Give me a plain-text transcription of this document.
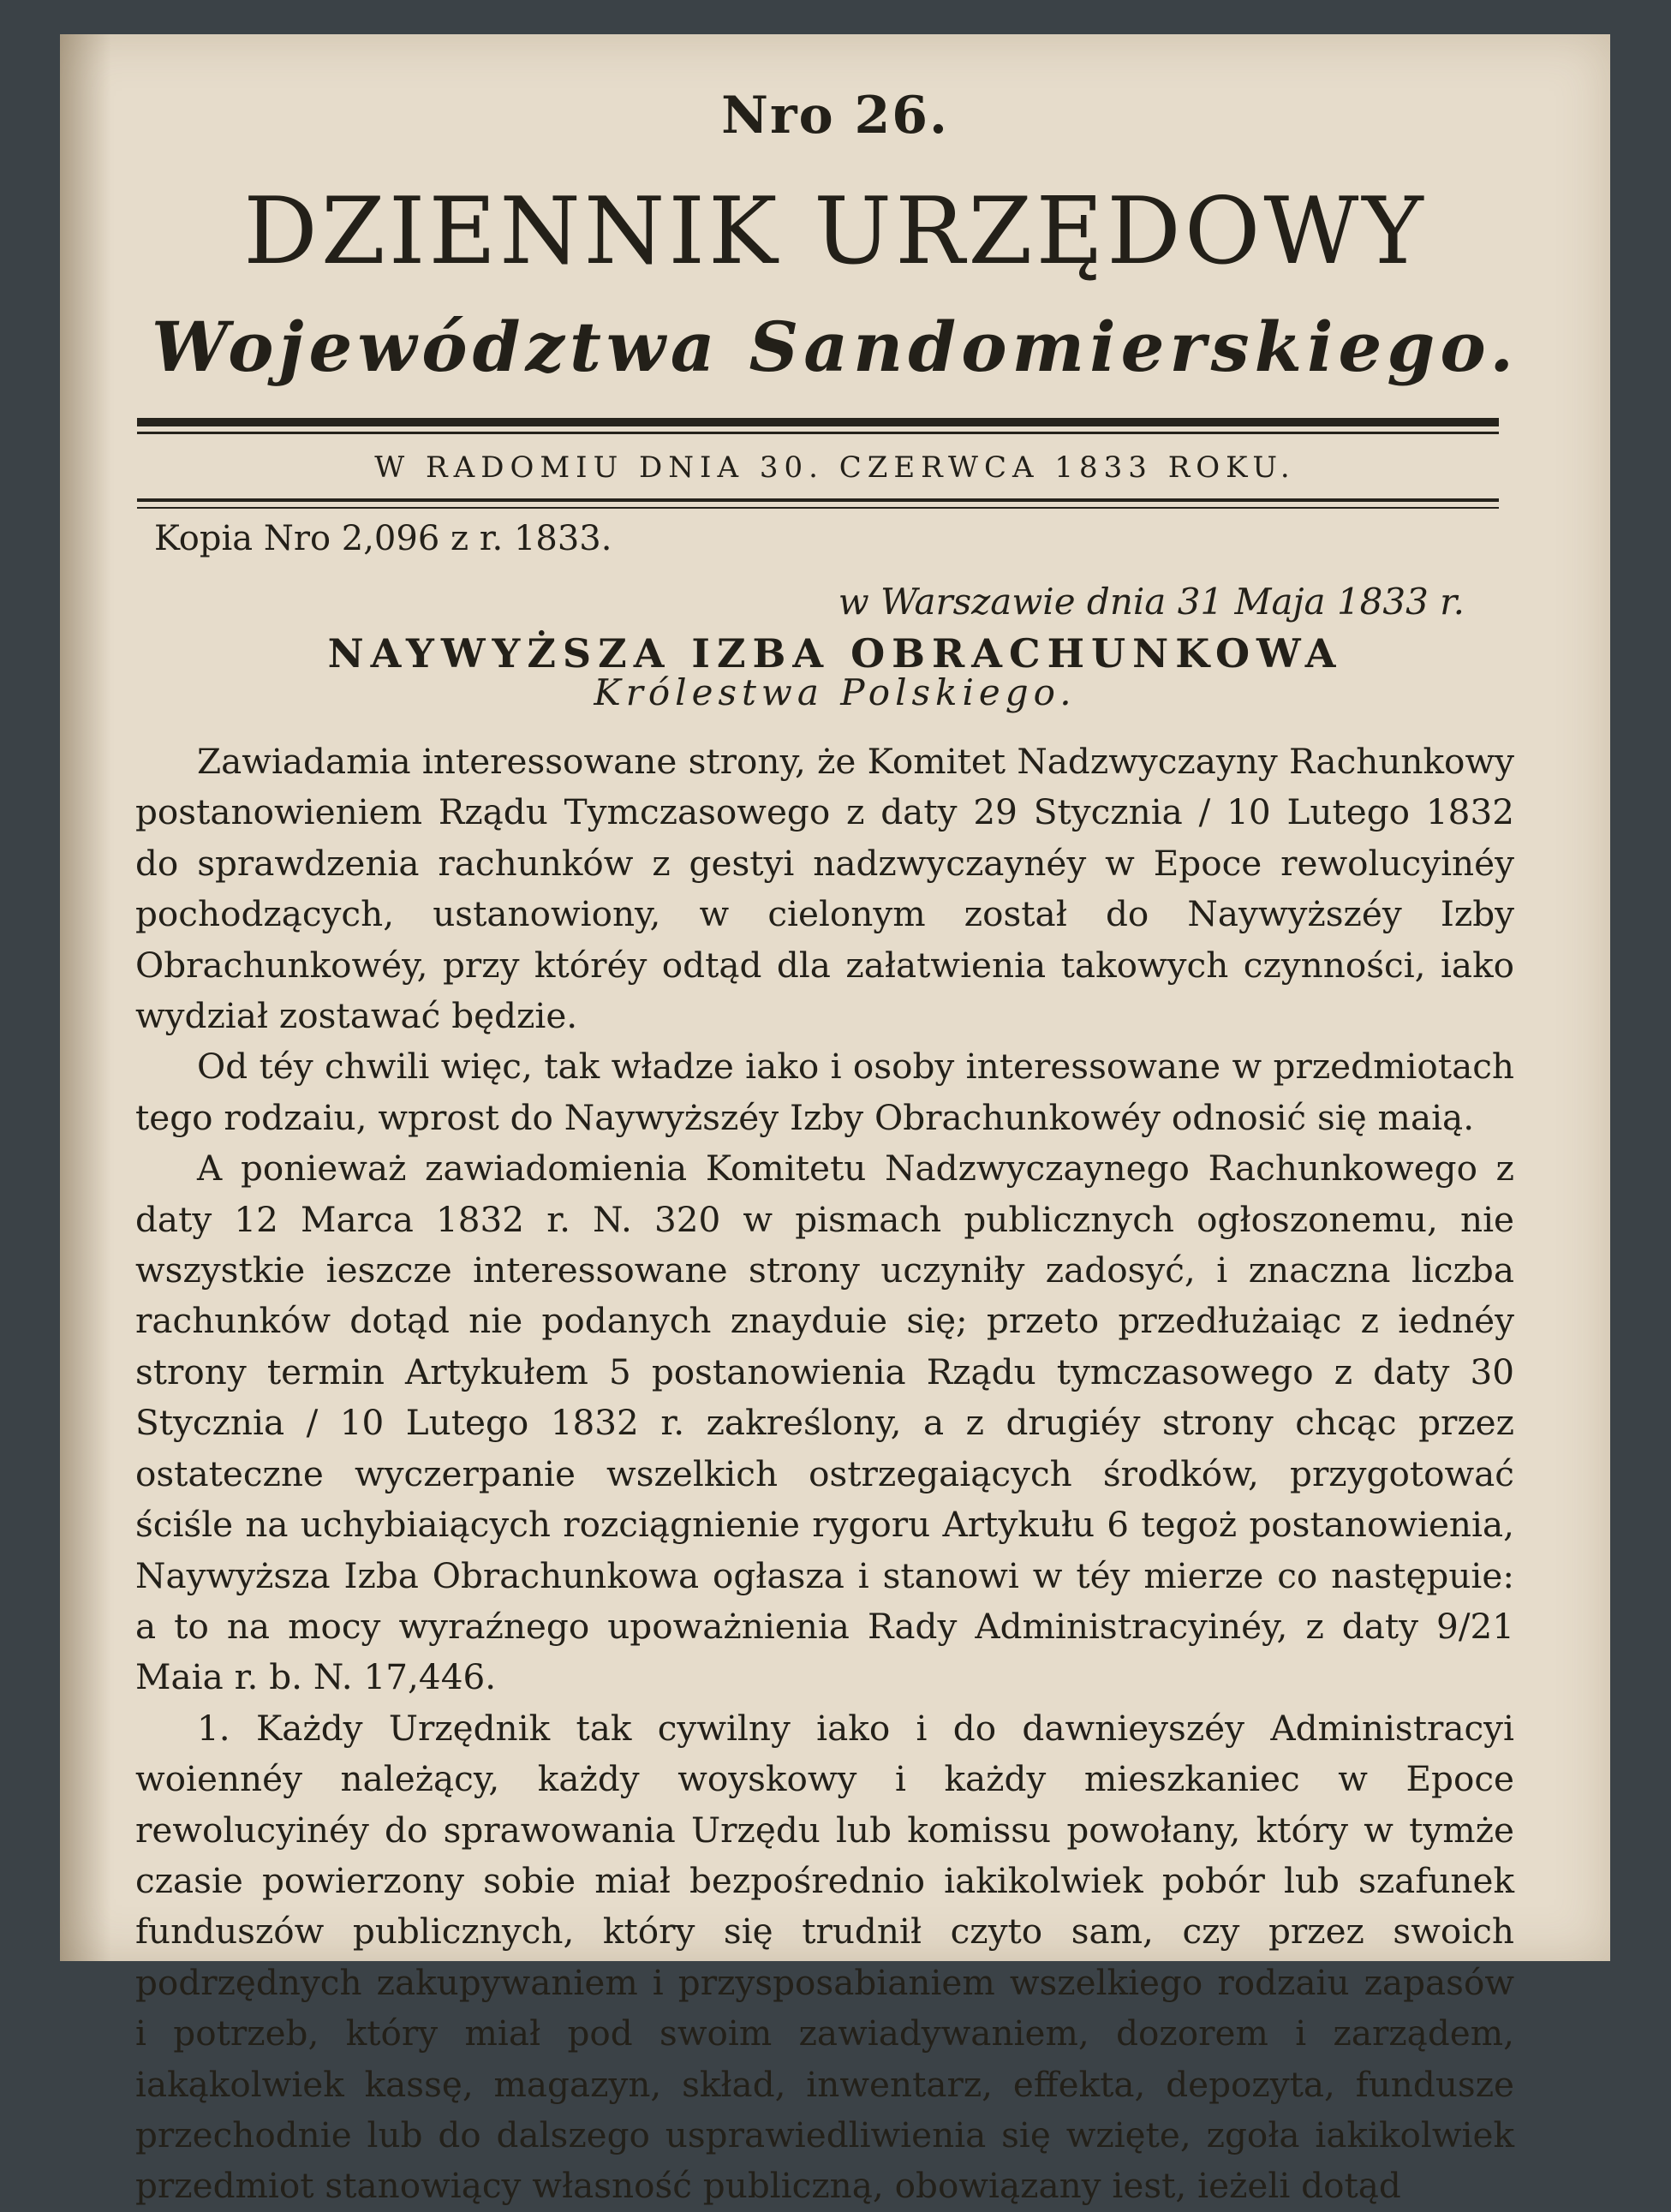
Nro 26.
DZIENNIK URZĘDOWY
Województwa Sandomierskiego.
W RADOMIU DNIA 30. CZERWCA 1833 ROKU.
Kopia Nro 2,096 z r. 1833.
w Warszawie dnia 31 Maja 1833 r.
NAYWYŻSZA IZBA OBRACHUNKOWA
Królestwa Polskiego.

Zawiadamia interessowane strony, że Komitet Nadzwyczayny Rachunkowy postanowieniem Rządu Tymczasowego z daty 29 Stycznia / 10 Lutego 1832 do sprawdzenia rachunków z gestyi nadzwyczaynéy w Epoce rewolucyinéy pochodzących, ustanowiony, w cielonym został do Naywyższéy Izby Obrachunkowéy, przy któréy odtąd dla załatwienia takowych czynności, iako wydział zostawać będzie.

Od téy chwili więc, tak władze iako i osoby interessowane w przedmiotach tego rodzaiu, wprost do Naywyższéy Izby Obrachunkowéy odnosić się maią.

A ponieważ zawiadomienia Komitetu Nadzwyczaynego Rachunkowego z daty 12 Marca 1832 r. N. 320 w pismach publicznych ogłoszonemu, nie wszystkie ieszcze interessowane strony uczyniły zadosyć, i znaczna liczba rachunków dotąd nie podanych znayduie się; przeto przedłużaiąc z iednéy strony termin Artykułem 5 postanowienia Rządu tymczasowego z daty 30 Stycznia / 10 Lutego 1832 r. zakreślony, a z drugiéy strony chcąc przez ostateczne wyczerpanie wszelkich ostrzegaiących środków, przygotować ściśle na uchybiaiących rozciągnienie rygoru Artykułu 6 tegoż postanowienia, Naywyższa Izba Obrachunkowa ogłasza i stanowi w téy mierze co następuie: a to na mocy wyraźnego upoważnienia Rady Administracyinéy, z daty 9/21 Maia r. b. N. 17,446.

1. Każdy Urzędnik tak cywilny iako i do dawnieyszéy Administracyi woiennéy należący, każdy woyskowy i każdy mieszkaniec w Epoce rewolucyinéy do sprawowania Urzędu lub komissu powołany, który w tymże czasie powierzony sobie miał bezpośrednio iakikolwiek pobór lub szafunek funduszów publicznych, który się trudnił czyto sam, czy przez swoich podrzędnych zakupywaniem i przysposabianiem wszelkiego rodzaiu zapasów i potrzeb, który miał pod swoim zawiadywaniem, dozorem i zarządem, iakąkolwiek kassę, magazyn, skład, inwentarz, effekta, depozyta, fundusze przechodnie lub do dalszego usprawiedliwienia się wzięte, zgoła iakikolwiek przedmiot stanowiący własność publiczną, obowiązany iest, ieżeli dotąd
